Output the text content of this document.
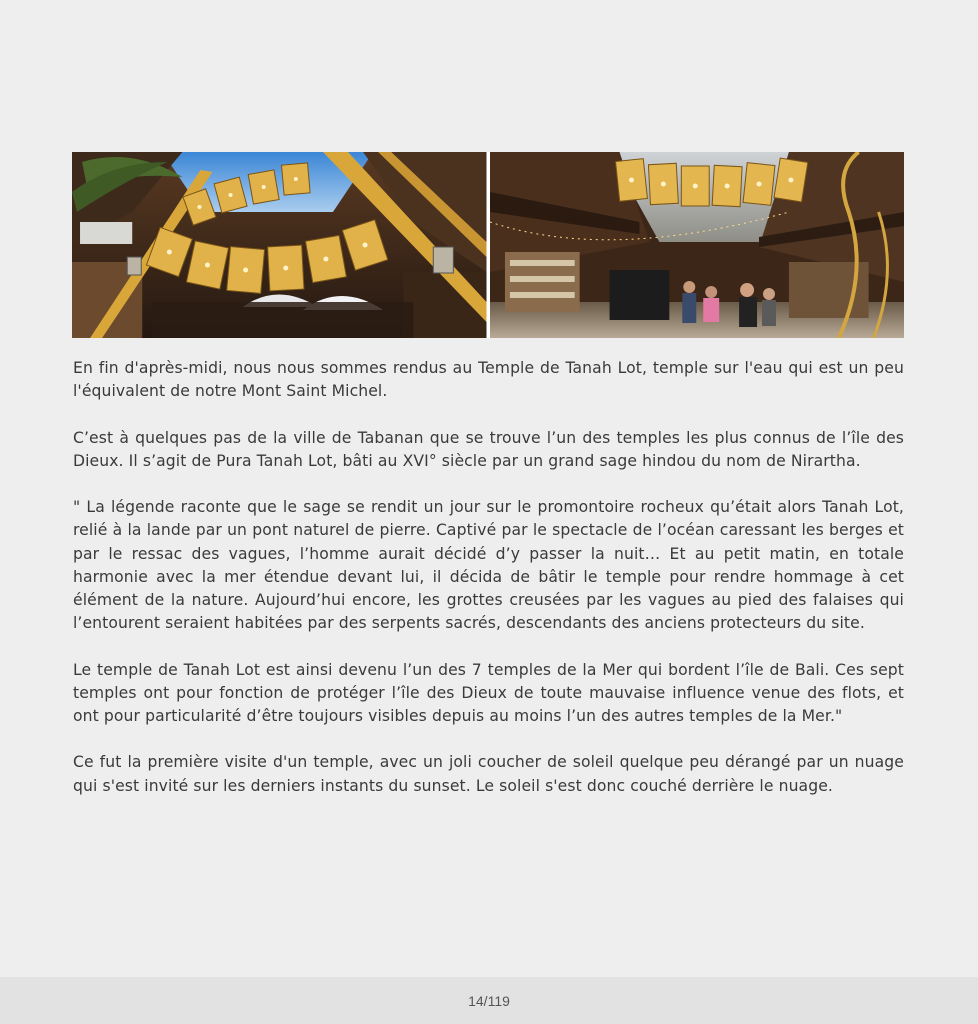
En fin d'après-midi, nous nous sommes rendus au Temple de Tanah Lot, temple sur l'eau qui est un peu l'équivalent de notre Mont Saint Michel.

C’est à quelques pas de la ville de Tabanan que se trouve l’un des temples les plus connus de l’île des Dieux. Il s’agit de Pura Tanah Lot, bâti au XVI° siècle par un grand sage hindou du nom de Nirartha.

" La légende raconte que le sage se rendit un jour sur le promontoire rocheux qu’était alors Tanah Lot, relié à la lande par un pont naturel de pierre. Captivé par le spectacle de l’océan caressant les berges et par le ressac des vagues, l’homme aurait décidé d’y passer la nuit… Et au petit matin, en totale harmonie avec la mer étendue devant lui, il décida de bâtir le temple pour rendre hommage à cet élément de la nature. Aujourd’hui encore, les grottes creusées par les vagues au pied des falaises qui l’entourent seraient habitées par des serpents sacrés, descendants des anciens protecteurs du site.

Le temple de Tanah Lot est ainsi devenu l’un des 7 temples de la Mer qui bordent l’île de Bali. Ces sept temples ont pour fonction de protéger l’île des Dieux de toute mauvaise influence venue des flots, et ont pour particularité d’être toujours visibles depuis au moins l’un des autres temples de la Mer."

Ce fut la première visite d'un temple, avec un joli coucher de soleil quelque peu dérangé par un nuage qui s'est invité sur les derniers instants du sunset. Le soleil s'est donc couché derrière le nuage.

14/119
